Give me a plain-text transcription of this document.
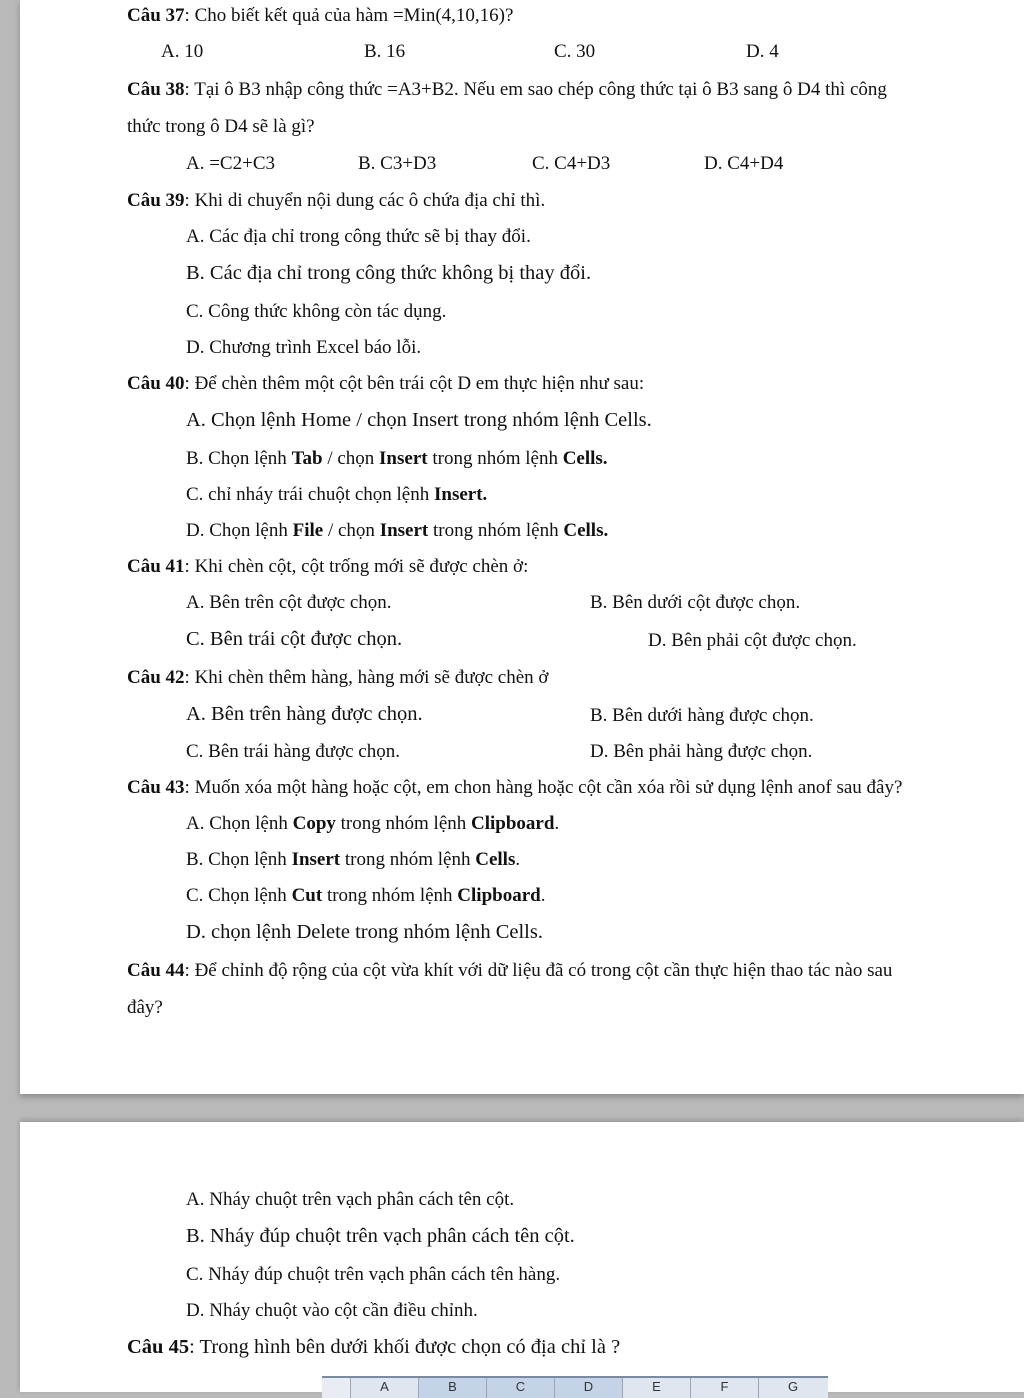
Câu 37: Cho biết kết quả của hàm =Min(4,10,16)?
A. 10	B. 16	C. 30	D. 4
Câu 38: Tại ô B3 nhập công thức =A3+B2. Nếu em sao chép công thức tại ô B3 sang ô D4 thì công
thức trong ô D4 sẽ là gì?
A. =C2+C3	B. C3+D3	C. C4+D3	D. C4+D4
Câu 39: Khi di chuyển nội dung các ô chứa địa chỉ thì.
A. Các địa chỉ trong công thức sẽ bị thay đổi.
B. Các địa chỉ trong công thức không bị thay đổi.
C. Công thức không còn tác dụng.
D. Chương trình Excel báo lỗi.
Câu 40: Để chèn thêm một cột bên trái cột D em thực hiện như sau:
A. Chọn lệnh Home / chọn Insert trong nhóm lệnh Cells.
B. Chọn lệnh Tab / chọn Insert trong nhóm lệnh Cells.
C. chỉ nháy trái chuột chọn lệnh Insert.
D. Chọn lệnh File / chọn Insert trong nhóm lệnh Cells.
Câu 41: Khi chèn cột, cột trống mới sẽ được chèn ở:
A. Bên trên cột được chọn.	B. Bên dưới cột được chọn.
C. Bên trái cột được chọn.	D. Bên phải cột được chọn.
Câu 42: Khi chèn thêm hàng, hàng mới sẽ được chèn ở
A. Bên trên hàng được chọn.	B. Bên dưới hàng được chọn.
C. Bên trái hàng được chọn.	D. Bên phải hàng được chọn.
Câu 43: Muốn xóa một hàng hoặc cột, em chon hàng hoặc cột cần xóa rồi sử dụng lệnh anof sau đây?
A. Chọn lệnh Copy trong nhóm lệnh Clipboard.
B. Chọn lệnh Insert trong nhóm lệnh Cells.
C. Chọn lệnh Cut trong nhóm lệnh Clipboard.
D. chọn lệnh Delete trong nhóm lệnh Cells.
Câu 44: Để chỉnh độ rộng của cột vừa khít với dữ liệu đã có trong cột cần thực hiện thao tác nào sau
đây?
A. Nháy chuột trên vạch phân cách tên cột.
B. Nháy đúp chuột trên vạch phân cách tên cột.
C. Nháy đúp chuột trên vạch phân cách tên hàng.
D. Nháy chuột vào cột cần điều chỉnh.
Câu 45: Trong hình bên dưới khối được chọn có địa chỉ là ?
A	B	C	D	E	F	G
